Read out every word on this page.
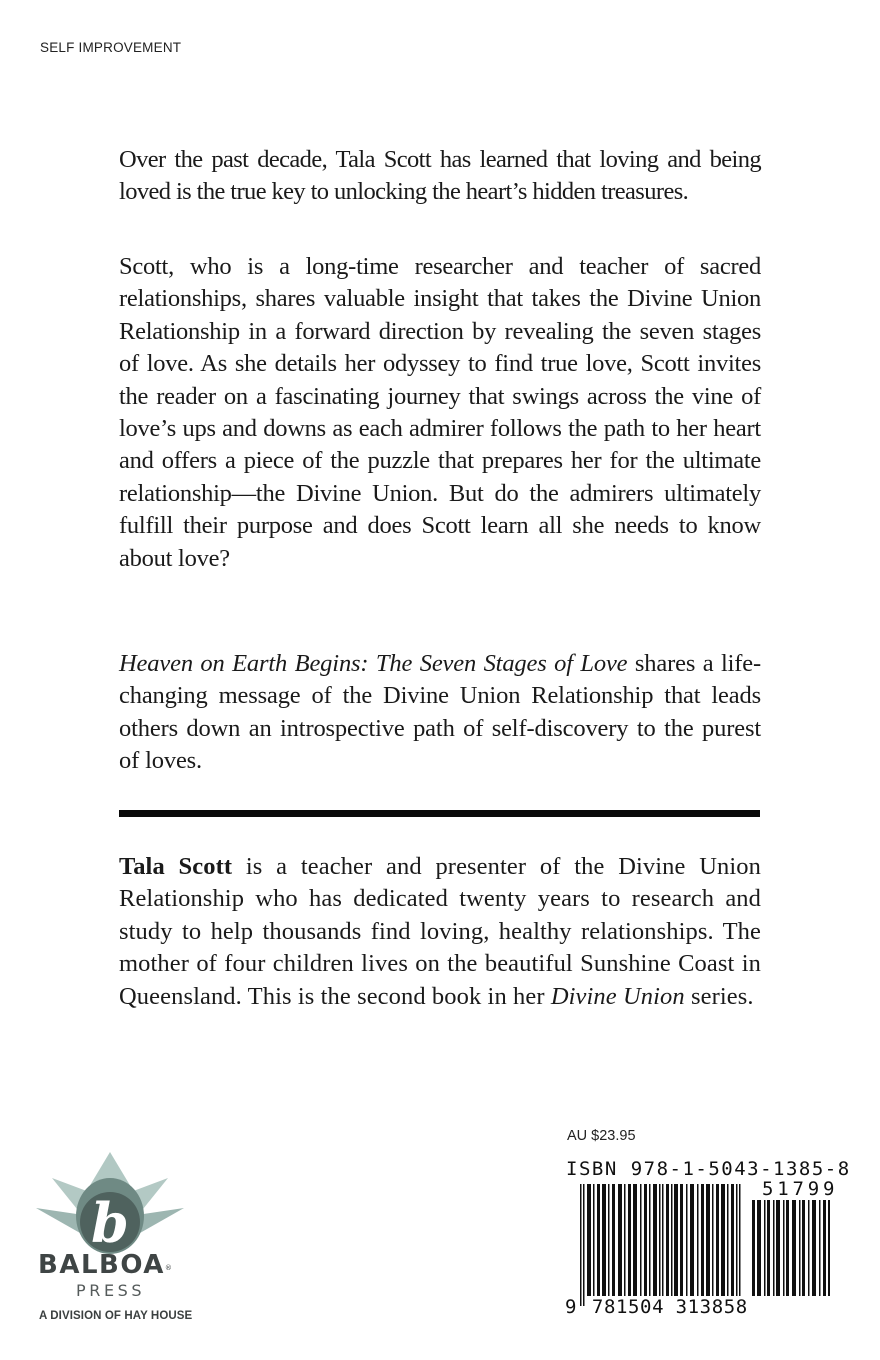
SELF IMPROVEMENT

Over the past decade, Tala Scott has learned that loving and being loved is the true key to unlocking the heart’s hidden treasures.

Scott, who is a long-time researcher and teacher of sacred relationships, shares valuable insight that takes the Divine Union Relationship in a forward direction by revealing the seven stages of love. As she details her odyssey to find true love, Scott invites the reader on a fascinating journey that swings across the vine of love’s ups and downs as each admirer follows the path to her heart and offers a piece of the puzzle that prepares her for the ultimate relationship—the Divine Union. But do the admirers ultimately fulfill their purpose and does Scott learn all she needs to know about love?

Heaven on Earth Begins: The Seven Stages of Love shares a life-changing message of the Divine Union Relationship that leads others down an introspective path of self-discovery to the purest of loves.

Tala Scott is a teacher and presenter of the Divine Union Relationship who has dedicated twenty years to research and study to help thousands find loving, healthy relationships. The mother of four children lives on the beautiful Sunshine Coast in Queensland. This is the second book in her Divine Union series.

AU $23.95
ISBN 978-1-5043-1385-8
51799
9 781504 313858
b
BALBOA®
PRESS
A DIVISION OF HAY HOUSE
